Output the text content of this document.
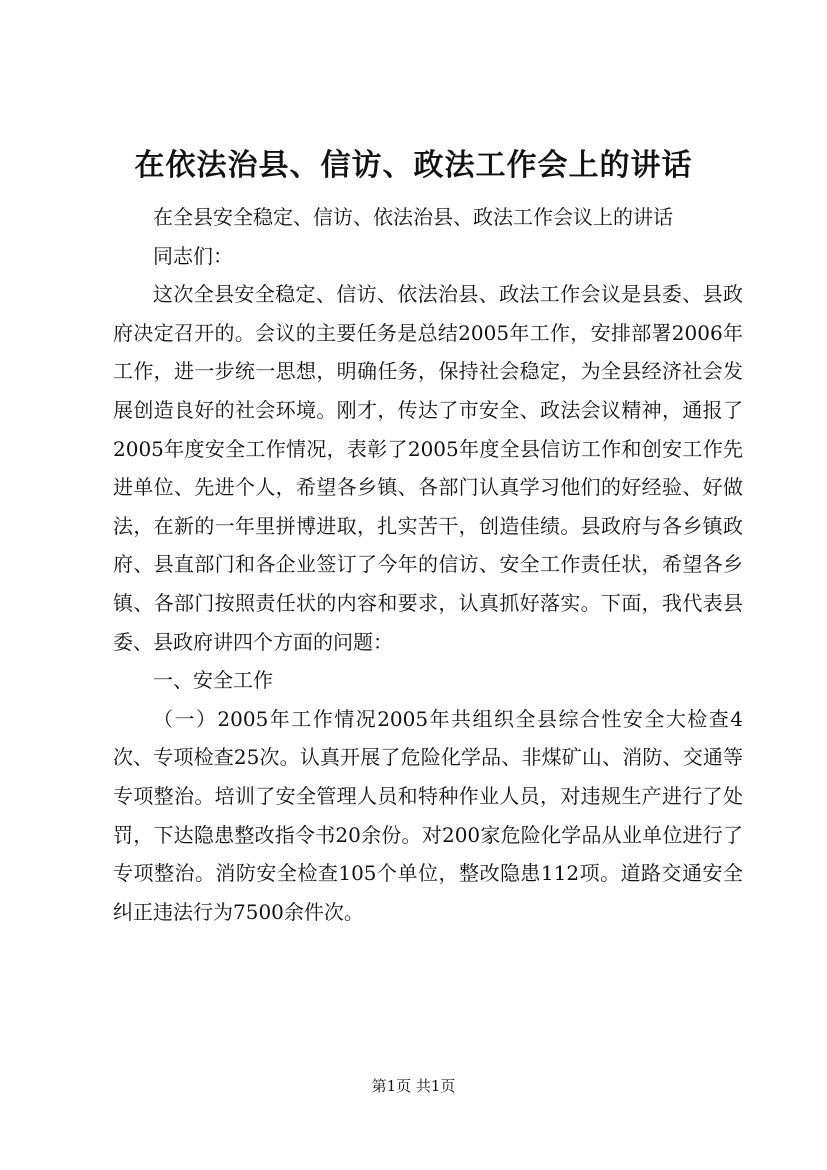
在依法治县、信访、政法工作会上的讲话

在全县安全稳定、信访、依法治县、政法工作会议上的讲话

同志们：

这次全县安全稳定、信访、依法治县、政法工作会议是县委、县政府决定召开的。会议的主要任务是总结2005年工作，安排部署2006年工作，进一步统一思想，明确任务，保持社会稳定，为全县经济社会发展创造良好的社会环境。刚才，传达了市安全、政法会议精神，通报了2005年度安全工作情况，表彰了2005年度全县信访工作和创安工作先进单位、先进个人，希望各乡镇、各部门认真学习他们的好经验、好做法，在新的一年里拼博进取，扎实苦干，创造佳绩。县政府与各乡镇政府、县直部门和各企业签订了今年的信访、安全工作责任状，希望各乡镇、各部门按照责任状的内容和要求，认真抓好落实。下面，我代表县委、县政府讲四个方面的问题：

一、安全工作

（一）2005年工作情况2005年共组织全县综合性安全大检查4次、专项检查25次。认真开展了危险化学品、非煤矿山、消防、交通等专项整治。培训了安全管理人员和特种作业人员，对违规生产进行了处罚，下达隐患整改指令书20余份。对200家危险化学品从业单位进行了专项整治。消防安全检查105个单位，整改隐患112项。道路交通安全纠正违法行为7500余件次。

第1页 共1页
